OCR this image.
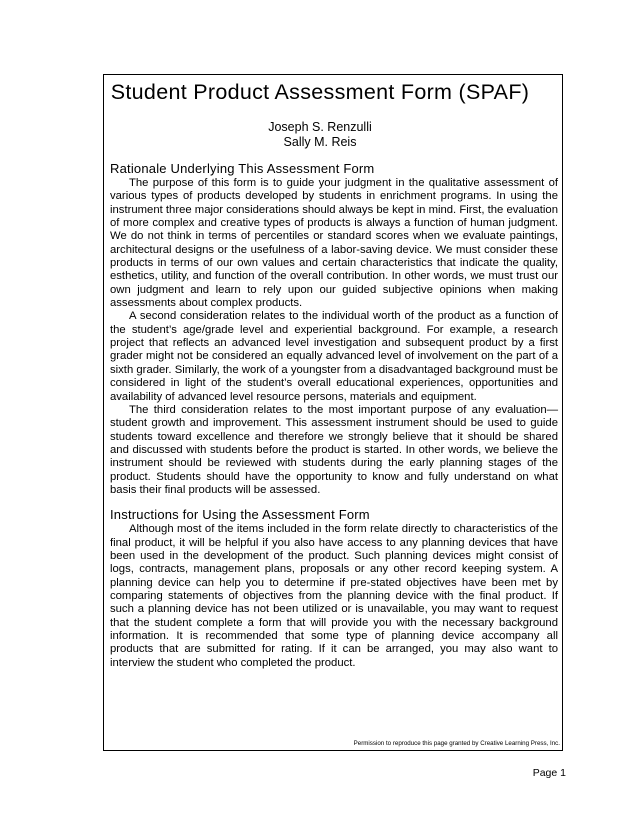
Student Product Assessment Form (SPAF)
Joseph S. Renzulli
Sally M. Reis
Rationale Underlying This Assessment Form

The purpose of this form is to guide your judgment in the qualitative assessment of various types of products developed by students in enrichment programs. In using the instrument three major considerations should always be kept in mind. First, the evaluation of more complex and creative types of products is always a function of human judgment. We do not think in terms of percentiles or standard scores when we evaluate paintings, architectural designs or the usefulness of a labor-saving device. We must consider these products in terms of our own values and certain characteristics that indicate the quality, esthetics, utility, and function of the overall contribution. In other words, we must trust our own judgment and learn to rely upon our guided subjective opinions when making assessments about complex products.

A second consideration relates to the individual worth of the product as a function of the student’s age/grade level and experiential background. For example, a research project that reflects an advanced level investigation and subsequent product by a first grader might not be considered an equally advanced level of involvement on the part of a sixth grader. Similarly, the work of a youngster from a disadvantaged background must be considered in light of the student’s overall educational experiences, opportunities and availability of advanced level resource persons, materials and equipment.

The third consideration relates to the most important purpose of any evaluation—student growth and improvement. This assessment instrument should be used to guide students toward excellence and therefore we strongly believe that it should be shared and discussed with students before the product is started. In other words, we believe the instrument should be reviewed with students during the early planning stages of the product. Students should have the opportunity to know and fully understand on what basis their final products will be assessed.

Instructions for Using the Assessment Form

Although most of the items included in the form relate directly to characteristics of the final product, it will be helpful if you also have access to any planning devices that have been used in the development of the product. Such planning devices might consist of logs, contracts, management plans, proposals or any other record keeping system. A planning device can help you to determine if pre-stated objectives have been met by comparing statements of objectives from the planning device with the final product. If such a planning device has not been utilized or is unavailable, you may want to request that the student complete a form that will provide you with the necessary background information. It is recommended that some type of planning device accompany all products that are submitted for rating. If it can be arranged, you may also want to interview the student who completed the product.

Permission to reproduce this page granted by Creative Learning Press, Inc.
Page 1
